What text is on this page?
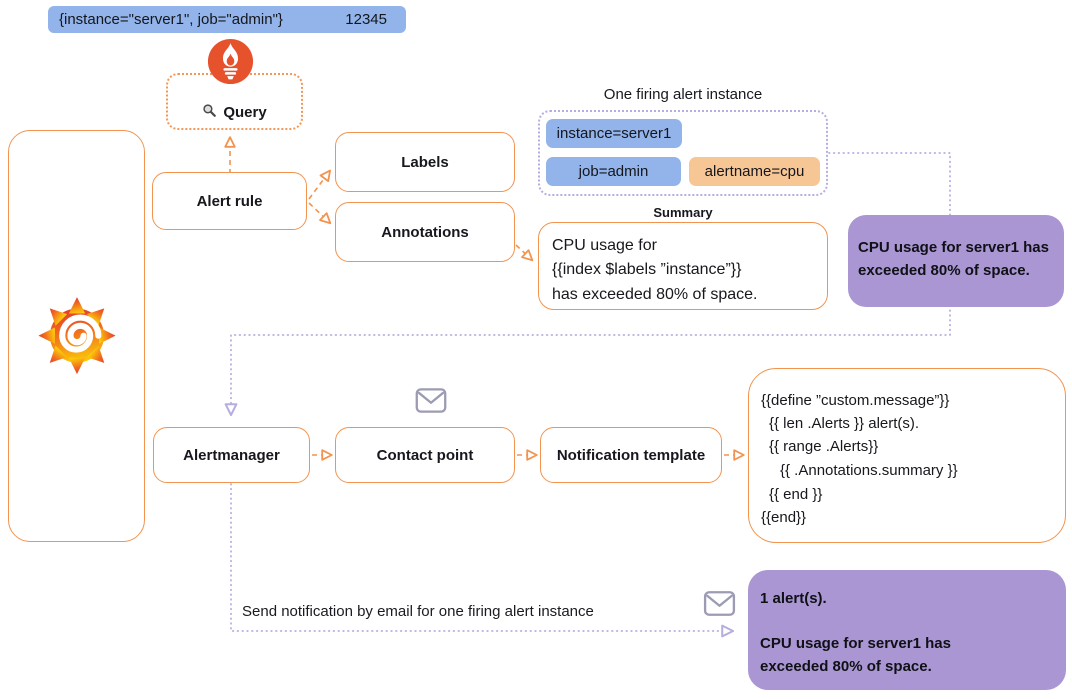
{instance="server1", job="admin"}	12345
Query
Alert rule
Labels
Annotations
One firing alert instance
instance=server1
job=admin	alertname=cpu
Summary
CPU usage for
{{index $labels ”instance”}}
has exceeded 80% of space.

CPU usage for server1 has exceeded 80% of space.

Alertmanager	Contact point	Notification template
{{define ”custom.message”}}
{{ len .Alerts }} alert(s).
{{ range .Alerts}}
{{ .Annotations.summary }}
{{ end }}
{{end}}

1 alert(s).

CPU usage for server1 has exceeded 80% of space.

Send notification by email for one firing alert instance
